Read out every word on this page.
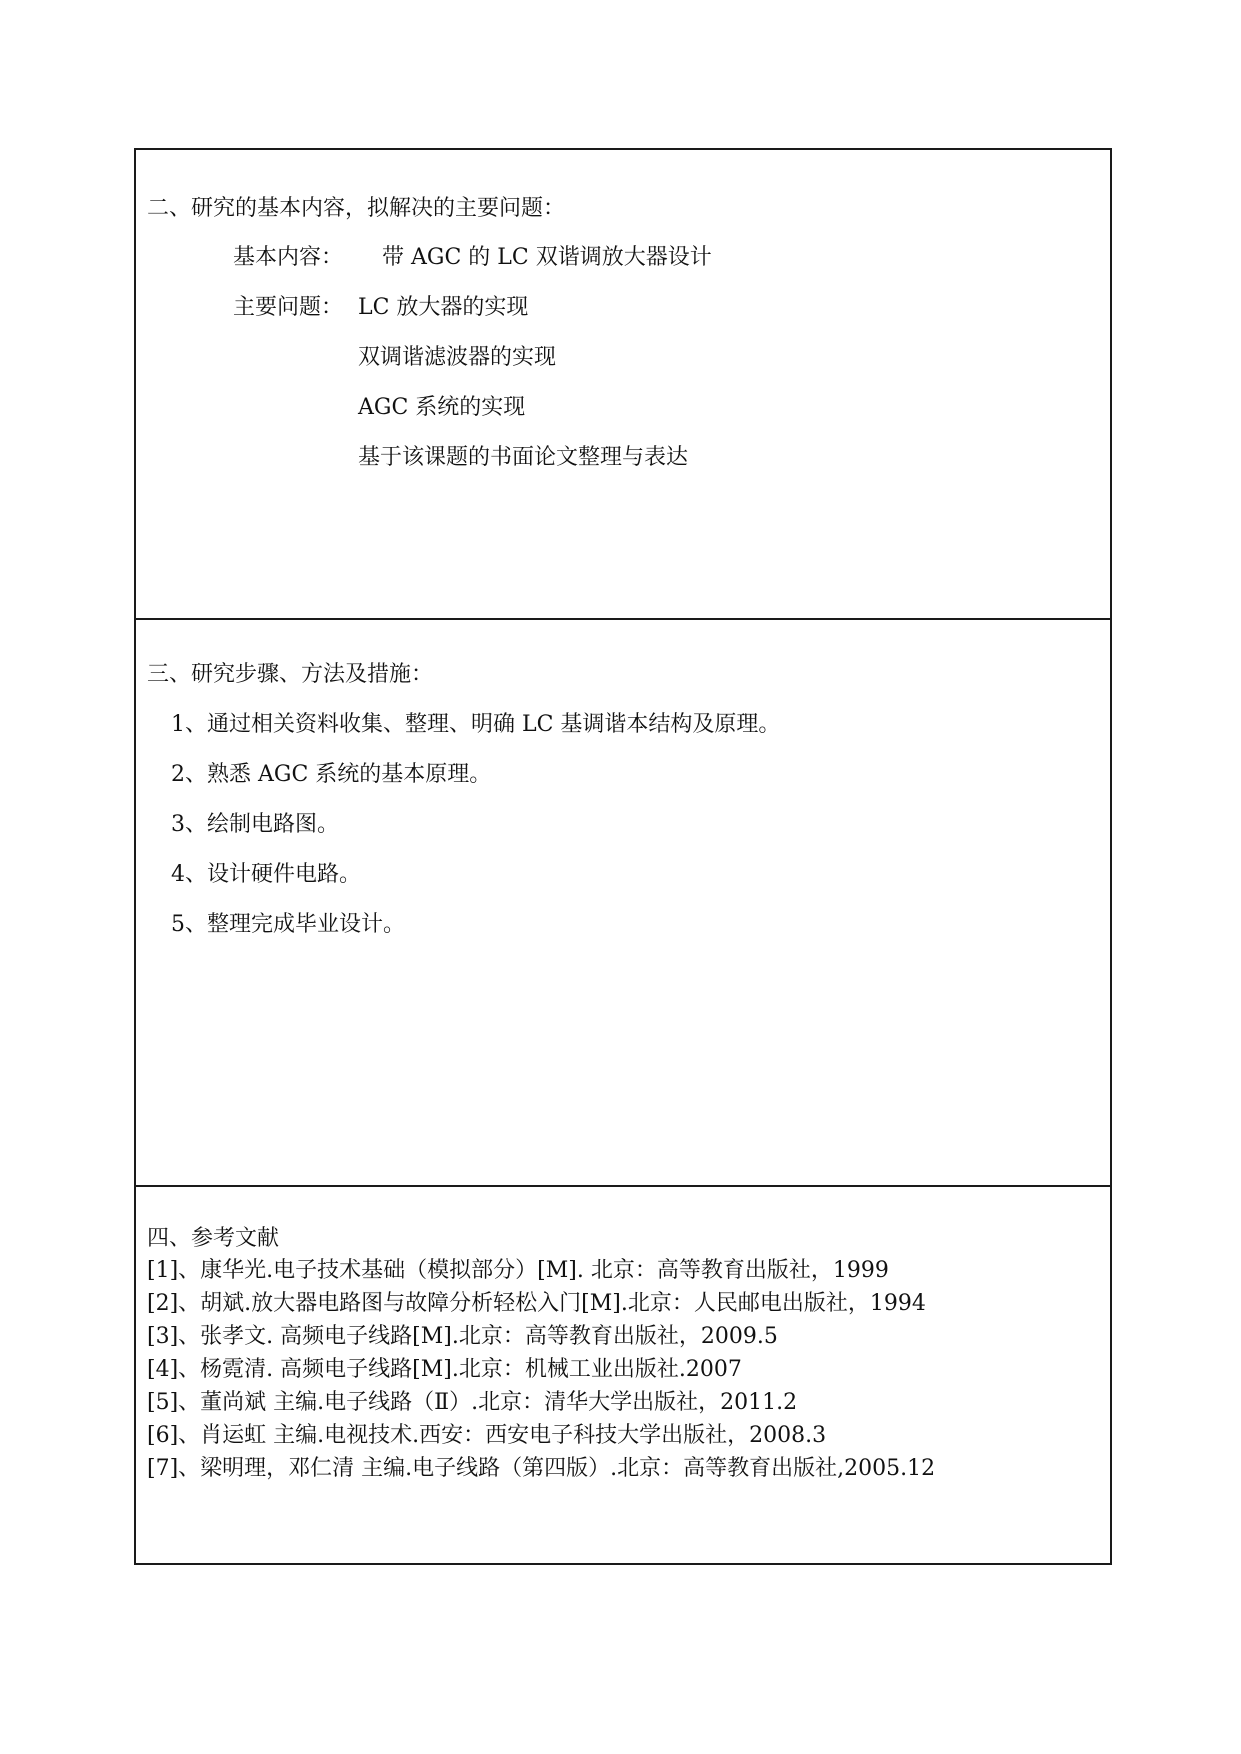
二、研究的基本内容，拟解决的主要问题：
基本内容： 带 AGC 的 LC 双谐调放大器设计
主要问题： LC 放大器的实现
双调谐滤波器的实现
AGC 系统的实现
基于该课题的书面论文整理与表达
三、研究步骤、方法及措施：
1、通过相关资料收集、整理、明确 LC 基调谐本结构及原理。
2、熟悉 AGC 系统的基本原理。
3、绘制电路图。
4、设计硬件电路。
5、整理完成毕业设计。
四、参考文献
[1]、康华光.电子技术基础（模拟部分）[M]. 北京：高等教育出版社，1999
[2]、胡斌.放大器电路图与故障分析轻松入门[M].北京：人民邮电出版社，1994
[3]、张孝文. 高频电子线路[M].北京：高等教育出版社，2009.5
[4]、杨霓清. 高频电子线路[M].北京：机械工业出版社.2007
[5]、董尚斌 主编.电子线路（Ⅱ）.北京：清华大学出版社，2011.2
[6]、肖运虹 主编.电视技术.西安：西安电子科技大学出版社，2008.3
[7]、梁明理，邓仁清 主编.电子线路（第四版）.北京：高等教育出版社,2005.12
